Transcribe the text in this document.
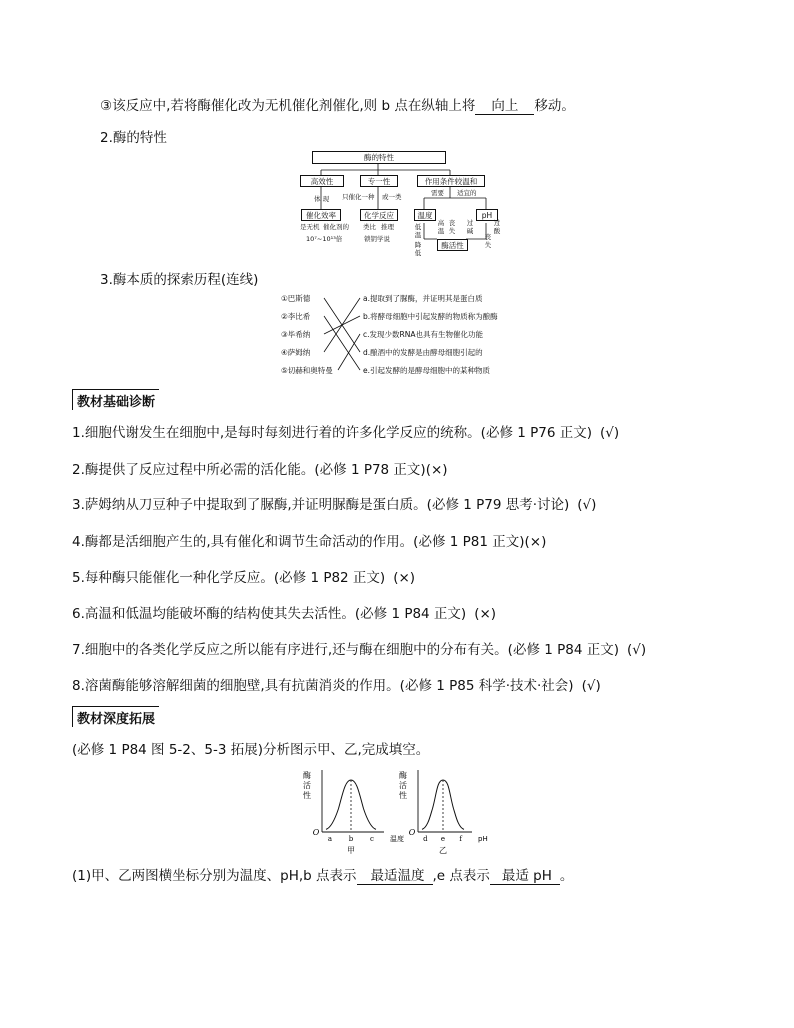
③该反应中,若将酶催化改为无机催化剂催化,则 b 点在纵轴上将 向上 移动。
2.酶的特性
酶的特性
高效性	专一性	作用条件较温和
体 现 只催化一种 或一类	需要 适宜的
催化效率	化学反应	温度	pH
是无机 催化剂的
10⁷~10¹³倍
类比 推理
锁钥学说
低温
降低
高温
丧失
过碱
过酸
丧失
酶活性
3.酶本质的探索历程(连线)
①巴斯德
②李比希
③毕希纳
④萨姆纳
⑤切赫和奥特曼
a.提取到了脲酶，并证明其是蛋白质
b.将酵母细胞中引起发酵的物质称为酿酶
c.发现少数RNA也具有生物催化功能
d.酿酒中的发酵是由酵母细胞引起的
e.引起发酵的是酵母细胞中的某种物质
教材基础诊断
1.细胞代谢发生在细胞中,是每时每刻进行着的许多化学反应的统称。(必修 1 P76 正文) (√)
2.酶提供了反应过程中所必需的活化能。(必修 1 P78 正文)(×)
3.萨姆纳从刀豆种子中提取到了脲酶,并证明脲酶是蛋白质。(必修 1 P79 思考·讨论) (√)
4.酶都是活细胞产生的,具有催化和调节生命活动的作用。(必修 1 P81 正文)(×)
5.每种酶只能催化一种化学反应。(必修 1 P82 正文) (×)
6.高温和低温均能破坏酶的结构使其失去活性。(必修 1 P84 正文) (×)
7.细胞中的各类化学反应之所以能有序进行,还与酶在细胞中的分布有关。(必修 1 P84 正文) (√)
8.溶菌酶能够溶解细菌的细胞壁,具有抗菌消炎的作用。(必修 1 P85 科学·技术·社会) (√)
教材深度拓展
(必修 1 P84 图 5-2、5-3 拓展)分析图示甲、乙,完成填空。
酶
活
性
O
a b c 温度
甲
酶
活
性
O
d e f pH
乙
(1)甲、乙两图横坐标分别为温度、pH,b 点表示 最适温度 ,e 点表示 最适 pH 。
